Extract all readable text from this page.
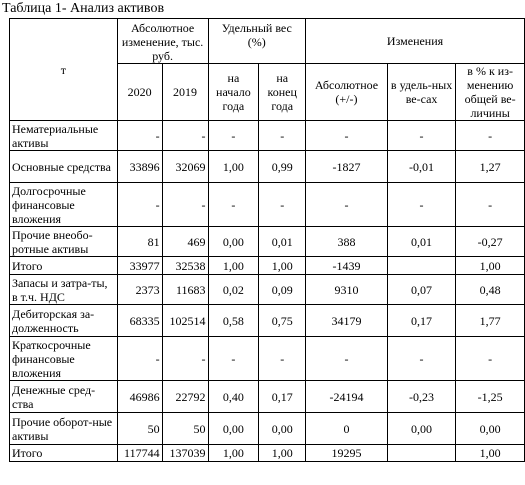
Таблица 1- Анализ активов
т	Абсолютное изменение, тыс. руб.		Удельный вес (%)		Изменения		
	2020	2019	на начало года	на конец года	Абсолютное (+/-)	в удель-ных ве-сах	в % к из-менению общей ве-личины
Нематериальные активы	-	-	-	-	-	-	-
Основные средства	33896	32069	1,00	0,99	-1827	-0,01	1,27
Долгосрочные финансовые вложения	-	-	-	-	-	-	-
Прочие внеобо-ротные активы	81	469	0,00	0,01	388	0,01	-0,27
Итого	33977	32538	1,00	1,00	-1439		1,00
Запасы и затра-ты, в т.ч. НДС	2373	11683	0,02	0,09	9310	0,07	0,48
Дебиторская за-долженность	68335	102514	0,58	0,75	34179	0,17	1,77
Краткосрочные финансовые вложения	-	-	-	-	-	-	-
Денежные сред-ства	46986	22792	0,40	0,17	-24194	-0,23	-1,25
Прочие оборот-ные активы	50	50	0,00	0,00	0	0,00	0,00
Итого	117744	137039	1,00	1,00	19295		1,00
